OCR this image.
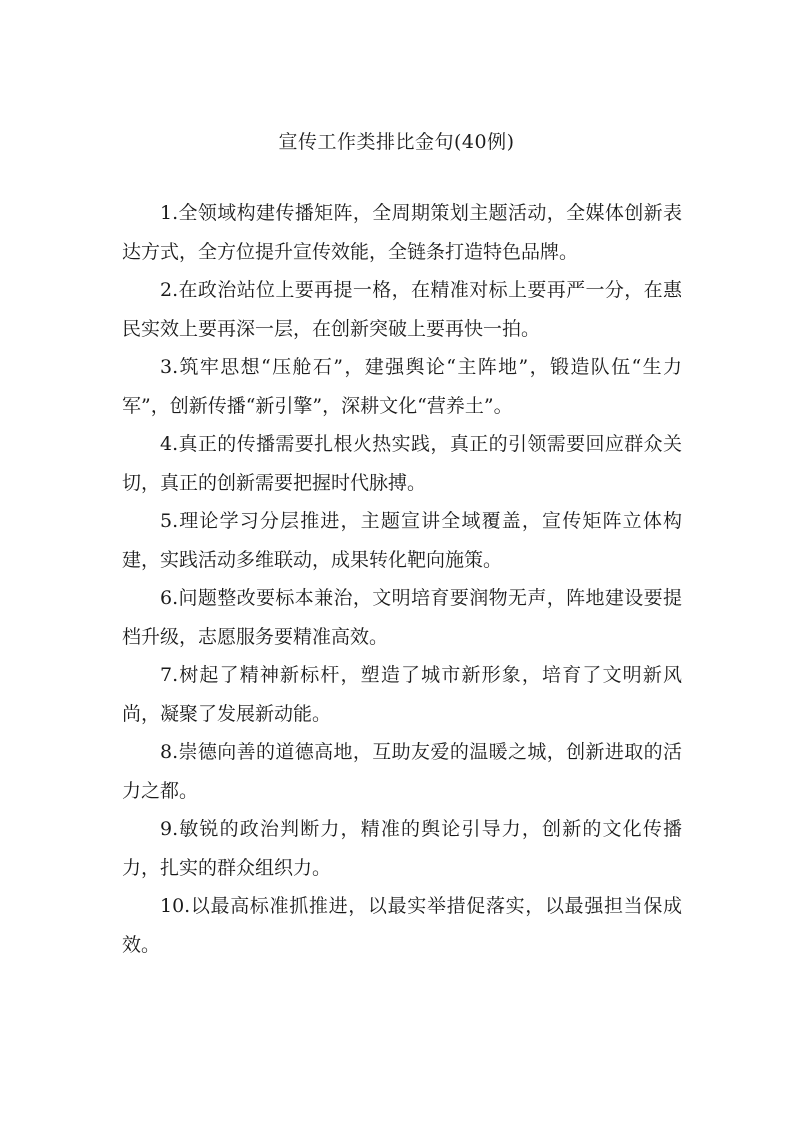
宣传工作类排比金句(40例)

1.全领域构建传播矩阵，全周期策划主题活动，全媒体创新表达方式，全方位提升宣传效能，全链条打造特色品牌。

2.在政治站位上要再提一格，在精准对标上要再严一分，在惠民实效上要再深一层，在创新突破上要再快一拍。

3.筑牢思想“压舱石”，建强舆论“主阵地”，锻造队伍“生力军”，创新传播“新引擎”，深耕文化“营养土”。

4.真正的传播需要扎根火热实践，真正的引领需要回应群众关切，真正的创新需要把握时代脉搏。

5.理论学习分层推进，主题宣讲全域覆盖，宣传矩阵立体构建，实践活动多维联动，成果转化靶向施策。

6.问题整改要标本兼治，文明培育要润物无声，阵地建设要提档升级，志愿服务要精准高效。

7.树起了精神新标杆，塑造了城市新形象，培育了文明新风尚，凝聚了发展新动能。

8.崇德向善的道德高地，互助友爱的温暖之城，创新进取的活力之都。

9.敏锐的政治判断力，精准的舆论引导力，创新的文化传播力，扎实的群众组织力。

10.以最高标准抓推进，以最实举措促落实，以最强担当保成效。
